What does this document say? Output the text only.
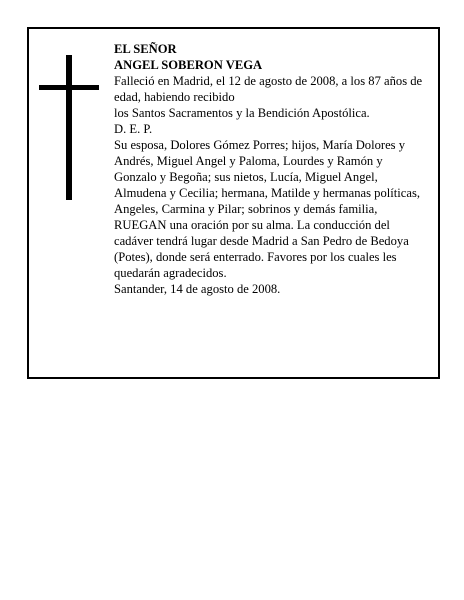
EL SEÑOR

ANGEL SOBERON VEGA

Falleció en Madrid, el 12 de agosto de 2008, a los 87 años de edad, habiendo recibido

los Santos Sacramentos y la Bendición Apostólica.

D. E. P.

Su esposa, Dolores Gómez Porres; hijos, María Dolores y Andrés, Miguel Angel y Paloma, Lourdes y Ramón y Gonzalo y Begoña; sus nietos, Lucía, Miguel Angel, Almudena y Cecilia; hermana, Matilde y hermanas políticas, Angeles, Carmina y Pilar; sobrinos y demás familia,

RUEGAN una oración por su alma. La conducción del cadáver tendrá lugar desde Madrid a San Pedro de Bedoya (Potes), donde será enterrado. Favores por los cuales les quedarán agradecidos.

Santander, 14 de agosto de 2008.
